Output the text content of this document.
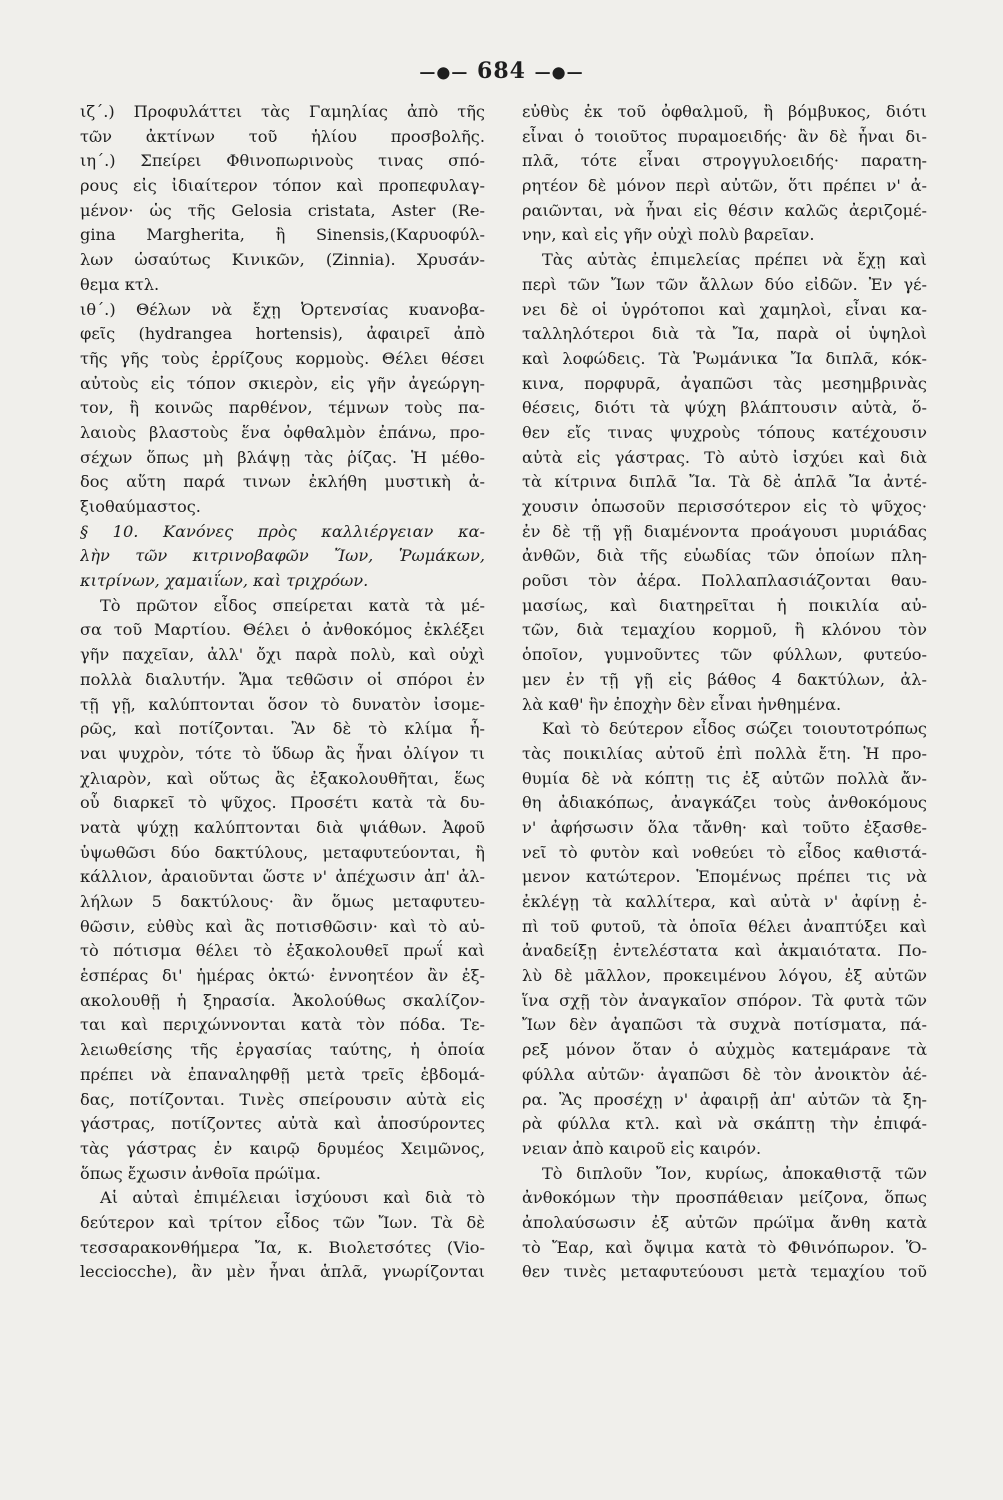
—●— 684 —●—
ιζ΄.) Προφυλάττει τὰς Γαμηλίας ἀπὸ τῆς
τῶν ἀκτίνων τοῦ ἡλίου προσβολῆς.
ιη΄.) Σπείρει Φθινοπωρινοὺς τινας σπό-
ρους εἰς ἰδιαίτερον τόπον καὶ προπεφυλαγ-
μένον· ὡς τῆς Gelosia cristata, Aster (Re-
gina Margherita, ἢ Sinensis,(Καρυοφύλ-
λων ὡσαύτως Κινικῶν, (Zinnia). Χρυσάν-
θεμα κτλ.
ιθ΄.) Θέλων νὰ ἔχῃ Ὀρτενσίας κυανοβα-
φεῖς (hydrangea hortensis), ἀφαιρεῖ ἀπὸ
τῆς γῆς τοὺς ἐρρίζους κορμοὺς. Θέλει θέσει
αὐτοὺς εἰς τόπον σκιερὸν, εἰς γῆν ἀγεώργη-
τον, ἢ κοινῶς παρθένον, τέμνων τοὺς πα-
λαιοὺς βλαστοὺς ἕνα ὀφθαλμὸν ἐπάνω, προ-
σέχων ὅπως μὴ βλάψῃ τὰς ῥίζας. Ἡ μέθο-
δος αὕτη παρά τινων ἐκλήθη μυστικὴ ἀ-
ξιοθαύμαστος.
§ 10. Κανόνες πρὸς καλλιέργειαν κα-
λὴν τῶν κιτρινοβαφῶν Ἴων, Ῥωμάκων,
κιτρίνων, χαμαιΐων, καὶ τριχρόων.
Τὸ πρῶτον εἶδος σπείρεται κατὰ τὰ μέ-
σα τοῦ Μαρτίου. Θέλει ὁ ἀνθοκόμος ἐκλέξει
γῆν παχεῖαν, ἀλλ' ὄχι παρὰ πολὺ, καὶ οὐχὶ
πολλὰ διαλυτήν. Ἅμα τεθῶσιν οἱ σπόροι ἐν
τῇ γῇ, καλύπτονται ὅσον τὸ δυνατὸν ἰσομε-
ρῶς, καὶ ποτίζονται. Ἂν δὲ τὸ κλίμα ἦ-
ναι ψυχρὸν, τότε τὸ ὕδωρ ἂς ἦναι ὀλίγον τι
χλιαρὸν, καὶ οὕτως ἂς ἐξακολουθῆται, ἕως
οὗ διαρκεῖ τὸ ψῦχος. Προσέτι κατὰ τὰ δυ-
νατὰ ψύχῃ καλύπτονται διὰ ψιάθων. Ἀφοῦ
ὑψωθῶσι δύο δακτύλους, μεταφυτεύονται, ἢ
κάλλιον, ἀραιοῦνται ὥστε ν' ἀπέχωσιν ἀπ' ἀλ-
λήλων 5 δακτύλους· ἂν ὅμως μεταφυτευ-
θῶσιν, εὐθὺς καὶ ἂς ποτισθῶσιν· καὶ τὸ αὐ-
τὸ πότισμα θέλει τὸ ἐξακολουθεῖ πρωΐ καὶ
ἑσπέρας δι' ἡμέρας ὀκτώ· ἐννοητέον ἂν ἐξ-
ακολουθῇ ἡ ξηρασία. Ἀκολούθως σκαλίζον-
ται καὶ περιχώννονται κατὰ τὸν πόδα. Τε-
λειωθείσης τῆς ἐργασίας ταύτης, ἡ ὁποία
πρέπει νὰ ἐπαναληφθῇ μετὰ τρεῖς ἑβδομά-
δας, ποτίζονται. Τινὲς σπείρουσιν αὐτὰ εἰς
γάστρας, ποτίζοντες αὐτὰ καὶ ἀποσύροντες
τὰς γάστρας ἐν καιρῷ δρυμέος Χειμῶνος,
ὅπως ἔχωσιν ἀνθοῖα πρώϊμα.
Αἱ αὐταὶ ἐπιμέλειαι ἰσχύουσι καὶ διὰ τὸ
δεύτερον καὶ τρίτον εἶδος τῶν Ἴων. Τὰ δὲ
τεσσαρακονθήμερα Ἴα, κ. Βιολετσότες (Vio-
lecciocche), ἂν μὲν ἦναι ἁπλᾶ, γνωρίζονται
εὐθὺς ἐκ τοῦ ὀφθαλμοῦ, ἢ βόμβυκος, διότι
εἶναι ὁ τοιοῦτος πυραμοειδής· ἂν δὲ ἦναι δι-
πλᾶ, τότε εἶναι στρογγυλοειδής· παρατη-
ρητέον δὲ μόνον περὶ αὐτῶν, ὅτι πρέπει ν' ἀ-
ραιῶνται, νὰ ἦναι εἰς θέσιν καλῶς ἀεριζομέ-
νην, καὶ εἰς γῆν οὐχὶ πολὺ βαρεῖαν.
Τὰς αὐτὰς ἐπιμελείας πρέπει νὰ ἔχῃ καὶ
περὶ τῶν Ἴων τῶν ἄλλων δύο εἰδῶν. Ἐν γέ-
νει δὲ οἱ ὑγρότοποι καὶ χαμηλοὶ, εἶναι κα-
ταλληλότεροι διὰ τὰ Ἴα, παρὰ οἱ ὑψηλοὶ
καὶ λοφώδεις. Τὰ Ῥωμάνικα Ἴα διπλᾶ, κόκ-
κινα, πορφυρᾶ, ἀγαπῶσι τὰς μεσημβρινὰς
θέσεις, διότι τὰ ψύχη βλάπτουσιν αὐτὰ, ὅ-
θεν εἴς τινας ψυχροὺς τόπους κατέχουσιν
αὐτὰ εἰς γάστρας. Τὸ αὐτὸ ἰσχύει καὶ διὰ
τὰ κίτρινα διπλᾶ Ἴα. Τὰ δὲ ἁπλᾶ Ἴα ἀντέ-
χουσιν ὁπωσοῦν περισσότερον εἰς τὸ ψῦχος·
ἐν δὲ τῇ γῇ διαμένοντα προάγουσι μυριάδας
ἀνθῶν, διὰ τῆς εὐωδίας τῶν ὁποίων πλη-
ροῦσι τὸν ἀέρα. Πολλαπλασιάζονται θαυ-
μασίως, καὶ διατηρεῖται ἡ ποικιλία αὐ-
τῶν, διὰ τεμαχίου κορμοῦ, ἢ κλόνου τὸν
ὁποῖον, γυμνοῦντες τῶν φύλλων, φυτεύο-
μεν ἐν τῇ γῇ εἰς βάθος 4 δακτύλων, ἀλ-
λὰ καθ' ἣν ἐποχὴν δὲν εἶναι ἠνθημένα.
Καὶ τὸ δεύτερον εἶδος σώζει τοιουτοτρόπως
τὰς ποικιλίας αὐτοῦ ἐπὶ πολλὰ ἔτη. Ἡ προ-
θυμία δὲ νὰ κόπτῃ τις ἐξ αὐτῶν πολλὰ ἄν-
θη ἀδιακόπως, ἀναγκάζει τοὺς ἀνθοκόμους
ν' ἀφήσωσιν ὅλα τἄνθη· καὶ τοῦτο ἐξασθε-
νεῖ τὸ φυτὸν καὶ νοθεύει τὸ εἶδος καθιστά-
μενον κατώτερον. Ἑπομένως πρέπει τις νὰ
ἐκλέγῃ τὰ καλλίτερα, καὶ αὐτὰ ν' ἀφίνῃ ἐ-
πὶ τοῦ φυτοῦ, τὰ ὁποῖα θέλει ἀναπτύξει καὶ
ἀναδείξῃ ἐντελέστατα καὶ ἀκμαιότατα. Πο-
λὺ δὲ μᾶλλον, προκειμένου λόγου, ἐξ αὐτῶν
ἵνα σχῇ τὸν ἀναγκαῖον σπόρον. Τὰ φυτὰ τῶν
Ἴων δὲν ἀγαπῶσι τὰ συχνὰ ποτίσματα, πά-
ρεξ μόνον ὅταν ὁ αὐχμὸς κατεμάρανε τὰ
φύλλα αὐτῶν· ἀγαπῶσι δὲ τὸν ἀνοικτὸν ἀέ-
ρα. Ἂς προσέχῃ ν' ἀφαιρῇ ἀπ' αὐτῶν τὰ ξη-
ρὰ φύλλα κτλ. καὶ νὰ σκάπτῃ τὴν ἐπιφά-
νειαν ἀπὸ καιροῦ εἰς καιρόν.
Τὸ διπλοῦν Ἴον, κυρίως, ἀποκαθιστᾷ τῶν
ἀνθοκόμων τὴν προσπάθειαν μείζονα, ὅπως
ἀπολαύσωσιν ἐξ αὐτῶν πρώϊμα ἄνθη κατὰ
τὸ Ἔαρ, καὶ ὄψιμα κατὰ τὸ Φθινόπωρον. Ὅ-
θεν τινὲς μεταφυτεύουσι μετὰ τεμαχίου τοῦ
